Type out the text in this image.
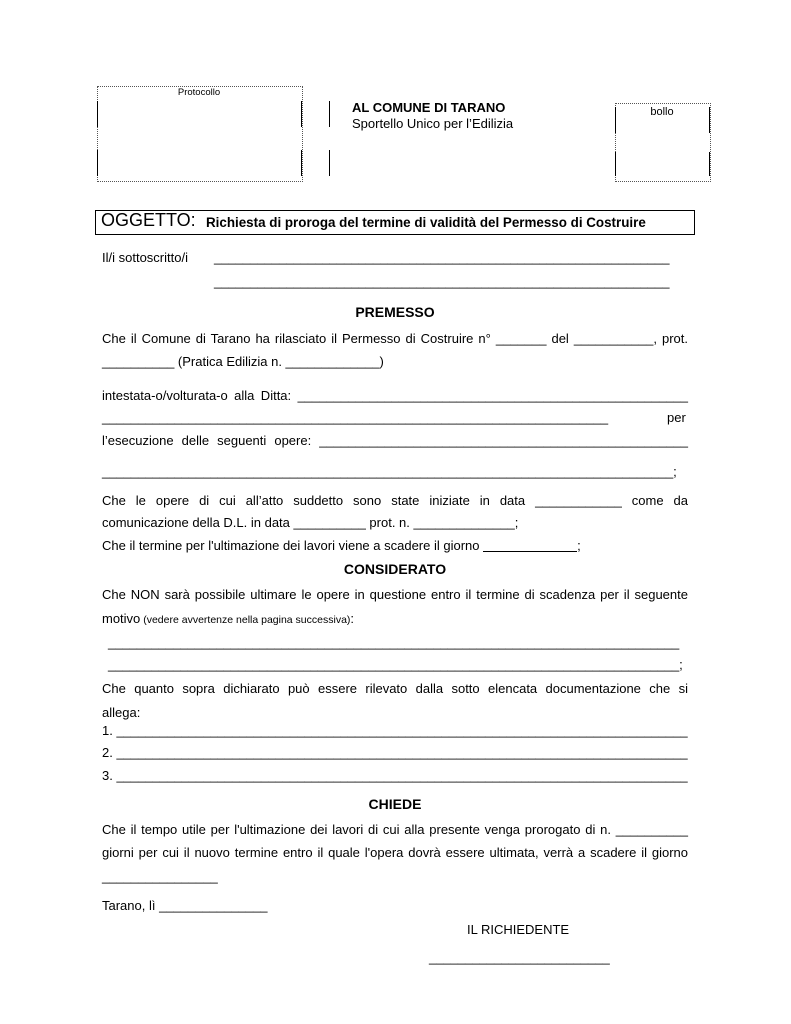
Protocollo
AL COMUNE DI TARANO
Sportello Unico per l’Edilizia
bollo
OGGETTO: Richiesta di proroga del termine di validità del Permesso di Costruire
Il/i sottoscritto/i _______________________________________________________________
_______________________________________________________________
PREMESSO
Che il Comune di Tarano ha rilasciato il Permesso di Costruire n° _______ del ___________, prot.
__________ (Pratica Edilizia n. _____________)
intestata-o/volturata-o alla Ditta: ______________________________________________________
______________________________________________________________________	per
l’esecuzione delle seguenti opere: ___________________________________________________
_______________________________________________________________________________;
Che le opere di cui all’atto suddetto sono state iniziate in data ____________ come da
comunicazione della D.L. in data __________ prot. n. ______________;
Che il termine per l'ultimazione dei lavori viene a scadere il giorno	;
CONSIDERATO
Che NON sarà possibile ultimare le opere in questione entro il termine di scadenza per il seguente
motivo (vedere avvertenze nella pagina successiva):
_______________________________________________________________________________
_______________________________________________________________________________;
Che quanto sopra dichiarato può essere rilevato dalla sotto elencata documentazione che si
allega:
1. _______________________________________________________________________________
2. _______________________________________________________________________________
3. _______________________________________________________________________________
CHIEDE
Che il tempo utile per l'ultimazione dei lavori di cui alla presente venga prorogato di n. __________
giorni per cui il nuovo termine entro il quale l'opera dovrà essere ultimata, verrà a scadere il giorno
________________
Tarano, lì _______________
IL RICHIEDENTE
_________________________
